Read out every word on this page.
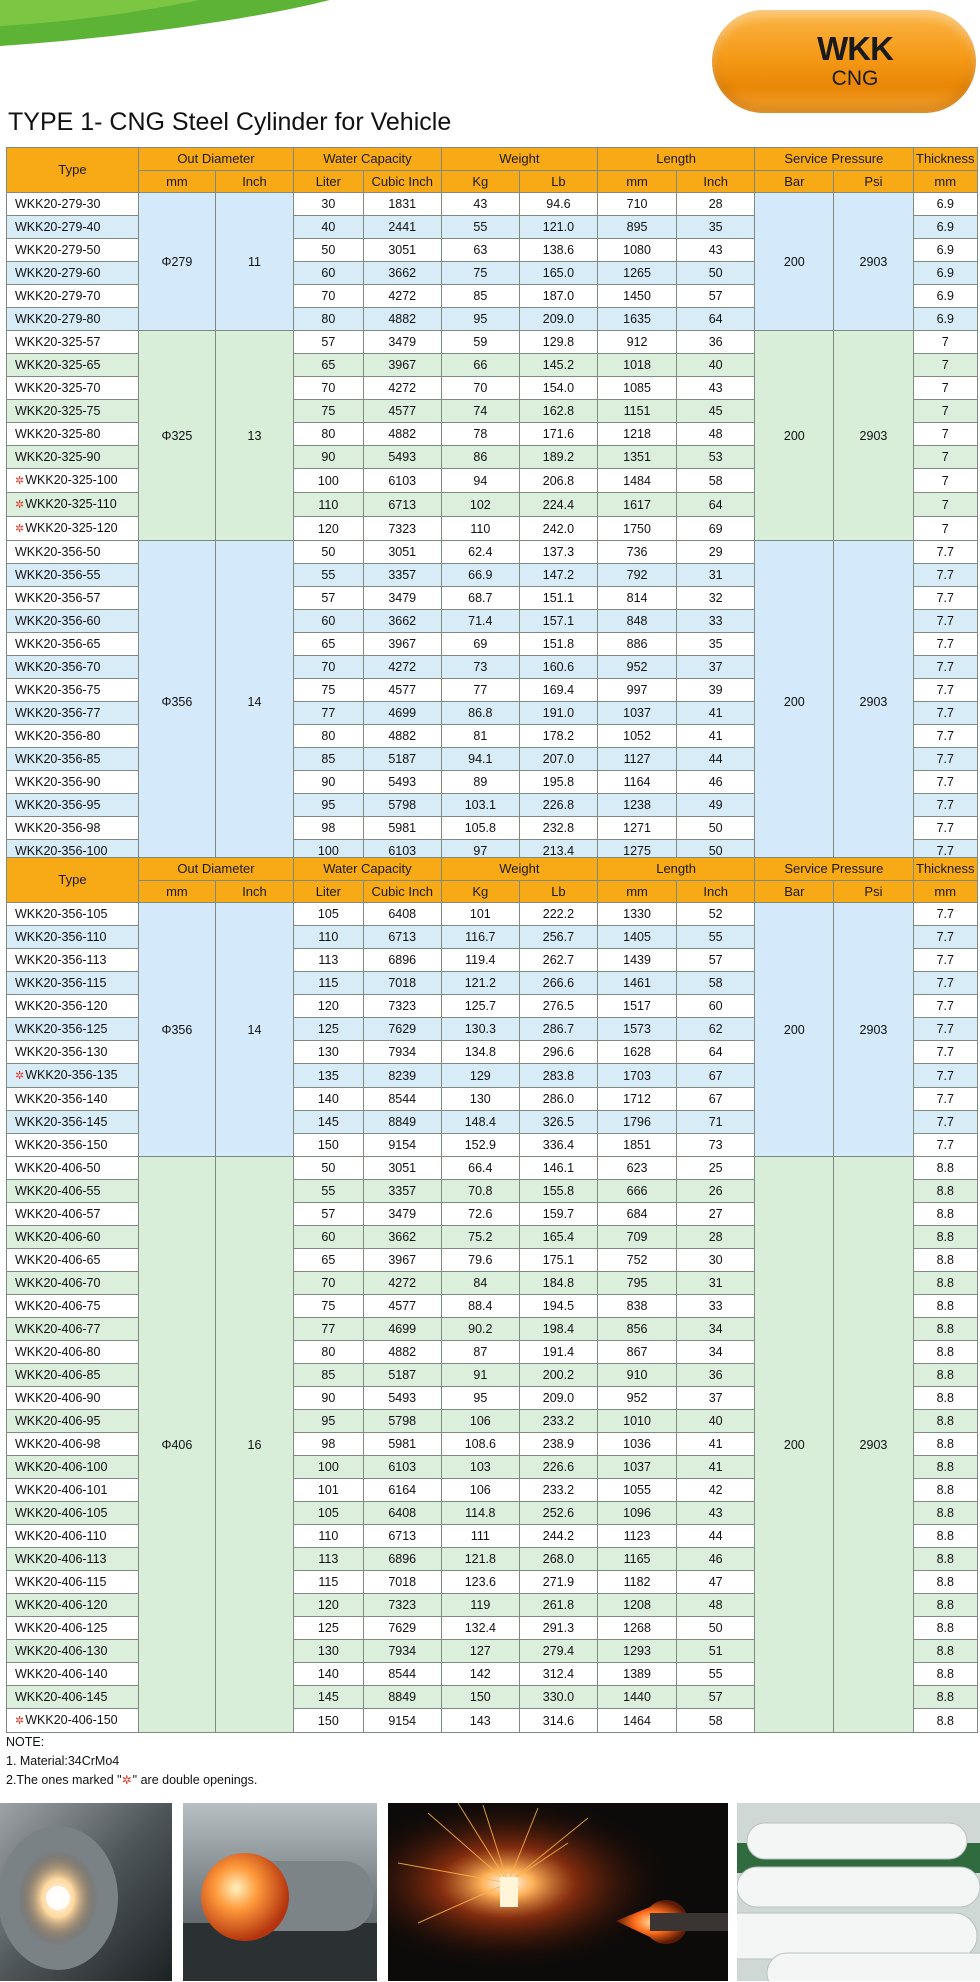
WKK
CNG
TYPE 1- CNG Steel Cylinder for Vehicle
Type	Out Diameter		Water Capacity		Weight		Length		Service Pressure		Thickness
	mm	Inch	Liter	Cubic Inch	Kg	Lb	mm	Inch	Bar	Psi	mm
WKK20-279-30	Φ279	11	30	1831	43	94.6	710	28	200	2903	6.9
WKK20-279-40			40	2441	55	121.0	895	35			6.9
WKK20-279-50			50	3051	63	138.6	1080	43			6.9
WKK20-279-60			60	3662	75	165.0	1265	50			6.9
WKK20-279-70			70	4272	85	187.0	1450	57			6.9
WKK20-279-80			80	4882	95	209.0	1635	64			6.9
WKK20-325-57	Φ325	13	57	3479	59	129.8	912	36	200	2903	7
WKK20-325-65			65	3967	66	145.2	1018	40			7
WKK20-325-70			70	4272	70	154.0	1085	43			7
WKK20-325-75			75	4577	74	162.8	1151	45			7
WKK20-325-80			80	4882	78	171.6	1218	48			7
WKK20-325-90			90	5493	86	189.2	1351	53			7
✲WKK20-325-100			100	6103	94	206.8	1484	58			7
✲WKK20-325-110			110	6713	102	224.4	1617	64			7
✲WKK20-325-120			120	7323	110	242.0	1750	69			7
WKK20-356-50	Φ356	14	50	3051	62.4	137.3	736	29	200	2903	7.7
WKK20-356-55			55	3357	66.9	147.2	792	31			7.7
WKK20-356-57			57	3479	68.7	151.1	814	32			7.7
WKK20-356-60			60	3662	71.4	157.1	848	33			7.7
WKK20-356-65			65	3967	69	151.8	886	35			7.7
WKK20-356-70			70	4272	73	160.6	952	37			7.7
WKK20-356-75			75	4577	77	169.4	997	39			7.7
WKK20-356-77			77	4699	86.8	191.0	1037	41			7.7
WKK20-356-80			80	4882	81	178.2	1052	41			7.7
WKK20-356-85			85	5187	94.1	207.0	1127	44			7.7
WKK20-356-90			90	5493	89	195.8	1164	46			7.7
WKK20-356-95			95	5798	103.1	226.8	1238	49			7.7
WKK20-356-98			98	5981	105.8	232.8	1271	50			7.7
WKK20-356-100			100	6103	97	213.4	1275	50			7.7
Type	Out Diameter		Water Capacity		Weight		Length		Service Pressure		Thickness
	mm	Inch	Liter	Cubic Inch	Kg	Lb	mm	Inch	Bar	Psi	mm
WKK20-356-105	Φ356	14	105	6408	101	222.2	1330	52	200	2903	7.7
WKK20-356-110			110	6713	116.7	256.7	1405	55			7.7
WKK20-356-113			113	6896	119.4	262.7	1439	57			7.7
WKK20-356-115			115	7018	121.2	266.6	1461	58			7.7
WKK20-356-120			120	7323	125.7	276.5	1517	60			7.7
WKK20-356-125			125	7629	130.3	286.7	1573	62			7.7
WKK20-356-130			130	7934	134.8	296.6	1628	64			7.7
✲WKK20-356-135			135	8239	129	283.8	1703	67			7.7
WKK20-356-140			140	8544	130	286.0	1712	67			7.7
WKK20-356-145			145	8849	148.4	326.5	1796	71			7.7
WKK20-356-150			150	9154	152.9	336.4	1851	73			7.7
WKK20-406-50	Φ406	16	50	3051	66.4	146.1	623	25	200	2903	8.8
WKK20-406-55			55	3357	70.8	155.8	666	26			8.8
WKK20-406-57			57	3479	72.6	159.7	684	27			8.8
WKK20-406-60			60	3662	75.2	165.4	709	28			8.8
WKK20-406-65			65	3967	79.6	175.1	752	30			8.8
WKK20-406-70			70	4272	84	184.8	795	31			8.8
WKK20-406-75			75	4577	88.4	194.5	838	33			8.8
WKK20-406-77			77	4699	90.2	198.4	856	34			8.8
WKK20-406-80			80	4882	87	191.4	867	34			8.8
WKK20-406-85			85	5187	91	200.2	910	36			8.8
WKK20-406-90			90	5493	95	209.0	952	37			8.8
WKK20-406-95			95	5798	106	233.2	1010	40			8.8
WKK20-406-98			98	5981	108.6	238.9	1036	41			8.8
WKK20-406-100			100	6103	103	226.6	1037	41			8.8
WKK20-406-101			101	6164	106	233.2	1055	42			8.8
WKK20-406-105			105	6408	114.8	252.6	1096	43			8.8
WKK20-406-110			110	6713	111	244.2	1123	44			8.8
WKK20-406-113			113	6896	121.8	268.0	1165	46			8.8
WKK20-406-115			115	7018	123.6	271.9	1182	47			8.8
WKK20-406-120			120	7323	119	261.8	1208	48			8.8
WKK20-406-125			125	7629	132.4	291.3	1268	50			8.8
WKK20-406-130			130	7934	127	279.4	1293	51			8.8
WKK20-406-140			140	8544	142	312.4	1389	55			8.8
WKK20-406-145			145	8849	150	330.0	1440	57			8.8
✲WKK20-406-150			150	9154	143	314.6	1464	58			8.8
NOTE:
1. Material:34CrMo4
2.The ones marked "✲" are double openings.
